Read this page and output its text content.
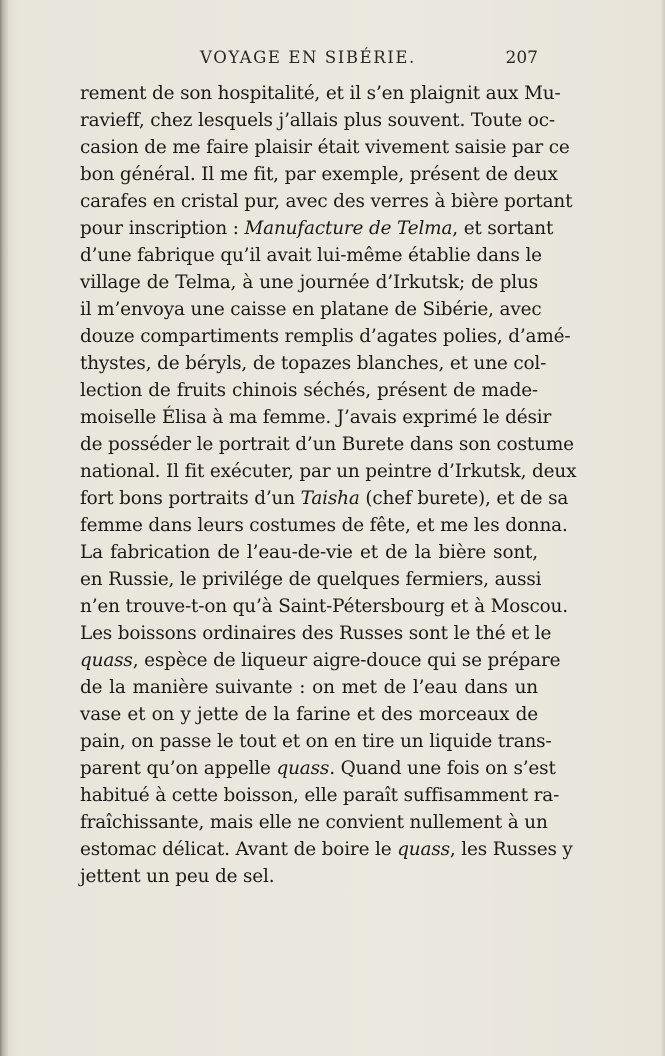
VOYAGE EN SIBÉRIE.	207
rement de son hospitalité, et il s’en plaignit aux Mu-
ravieff, chez lesquels j’allais plus souvent. Toute oc-
casion de me faire plaisir était vivement saisie par ce
bon général. Il me fit, par exemple, présent de deux
carafes en cristal pur, avec des verres à bière portant
pour inscription : Manufacture de Telma, et sortant
d’une fabrique qu’il avait lui-même établie dans le
village de Telma, à une journée d’Irkutsk; de plus
il m’envoya une caisse en platane de Sibérie, avec
douze compartiments remplis d’agates polies, d’amé-
thystes, de béryls, de topazes blanches, et une col-
lection de fruits chinois séchés, présent de made-
moiselle Élisa à ma femme. J’avais exprimé le désir
de posséder le portrait d’un Burete dans son costume
national. Il fit exécuter, par un peintre d’Irkutsk, deux
fort bons portraits d’un Taisha (chef burete), et de sa
femme dans leurs costumes de fête, et me les donna.
La fabrication de l’eau-de-vie et de la bière sont,
en Russie, le privilége de quelques fermiers, aussi
n’en trouve-t-on qu’à Saint-Pétersbourg et à Moscou.
Les boissons ordinaires des Russes sont le thé et le
quass, espèce de liqueur aigre-douce qui se prépare
de la manière suivante : on met de l’eau dans un
vase et on y jette de la farine et des morceaux de
pain, on passe le tout et on en tire un liquide trans-
parent qu’on appelle quass. Quand une fois on s’est
habitué à cette boisson, elle paraît suffisamment ra-
fraîchissante, mais elle ne convient nullement à un
estomac délicat. Avant de boire le quass, les Russes y
jettent un peu de sel.
